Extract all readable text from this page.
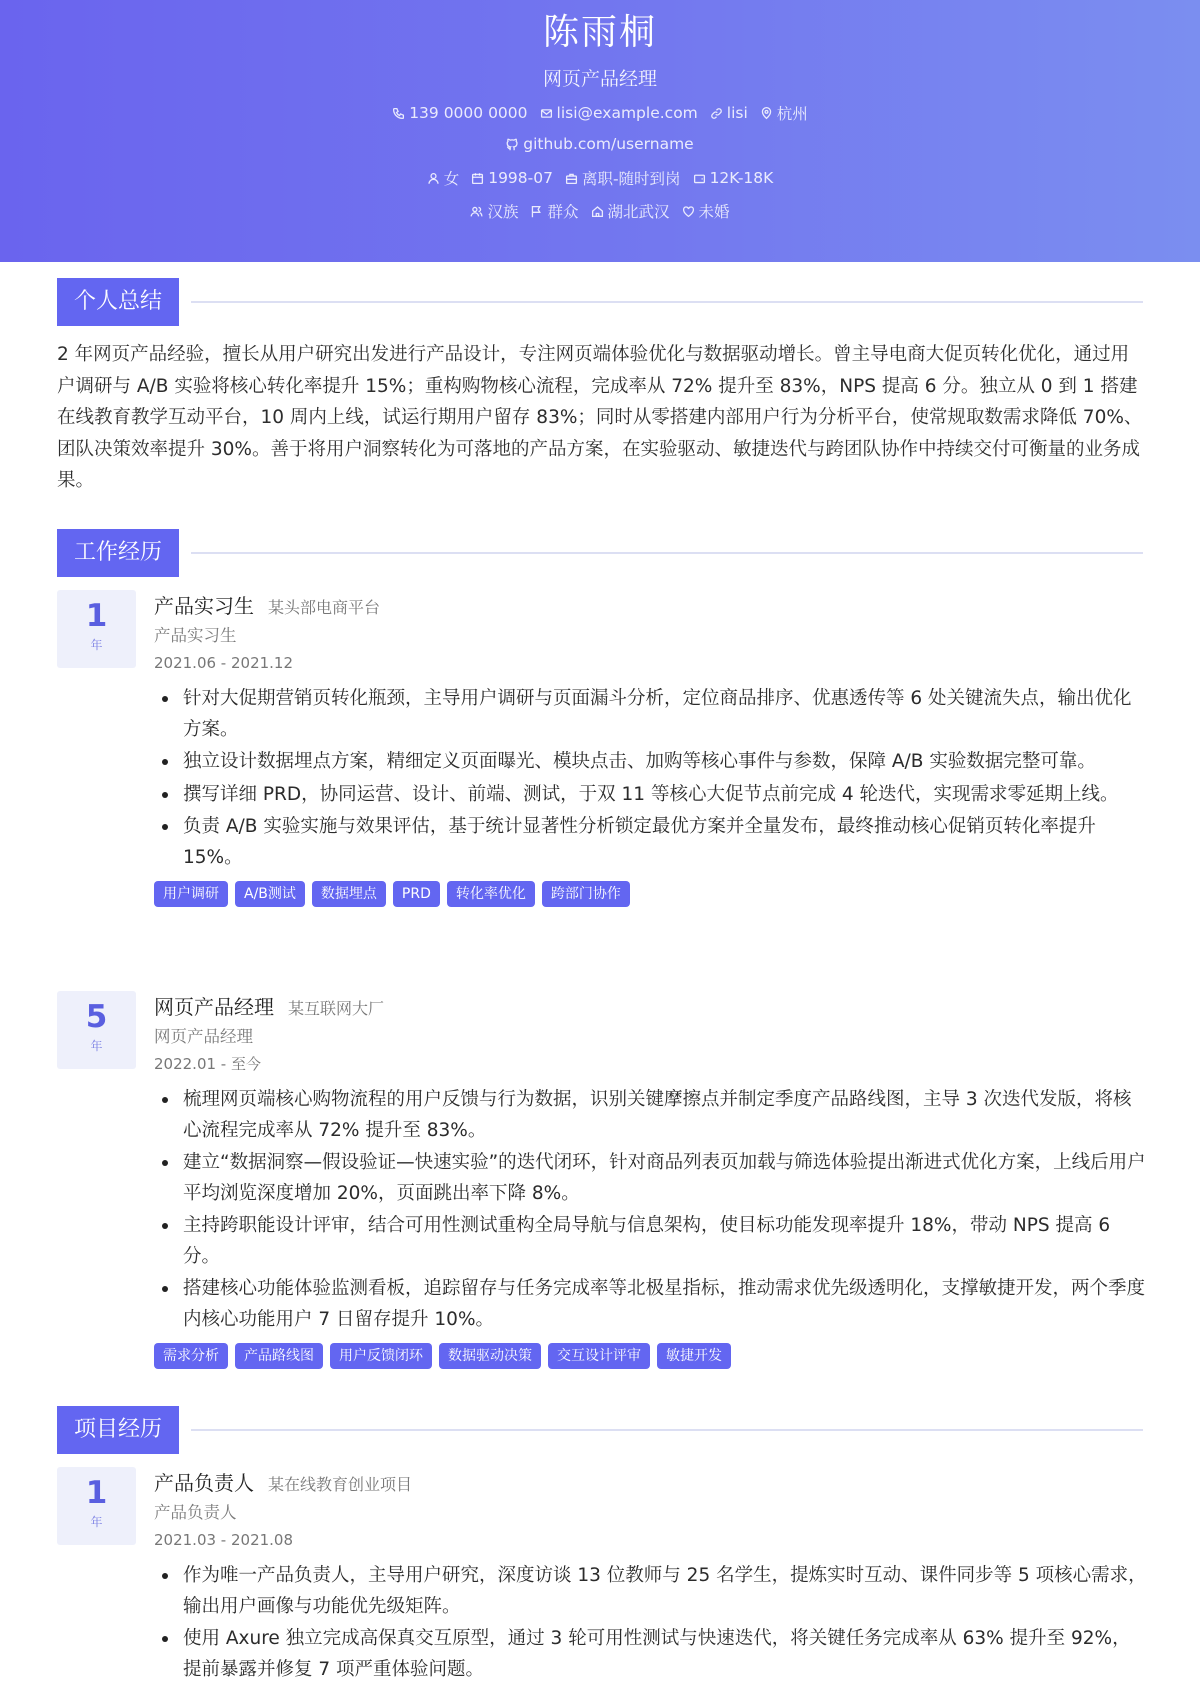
陈雨桐
网页产品经理
139 0000 0000 lisi@example.com lisi 杭州
github.com/username
女 1998-07 离职-随时到岗 12K-18K
汉族 群众 湖北武汉 未婚
个人总结
2 年网页产品经验，擅长从用户研究出发进行产品设计，专注网页端体验优化与数据驱动增长。曾主导电商大促页转化优化，通过用户调研与 A/B 实验将核心转化率提升 15%；重构购物核心流程，完成率从 72% 提升至 83%，NPS 提高 6 分。独立从 0 到 1 搭建在线教育教学互动平台，10 周内上线，试运行期用户留存 83%；同时从零搭建内部用户行为分析平台，使常规取数需求降低 70%、团队决策效率提升 30%。善于将用户洞察转化为可落地的产品方案，在实验驱动、敏捷迭代与跨团队协作中持续交付可衡量的业务成果。
工作经历
1
年
产品实习生 某头部电商平台
产品实习生
2021.06 - 2021.12
针对大促期营销页转化瓶颈，主导用户调研与页面漏斗分析，定位商品排序、优惠透传等 6 处关键流失点，输出优化方案。
独立设计数据埋点方案，精细定义页面曝光、模块点击、加购等核心事件与参数，保障 A/B 实验数据完整可靠。
撰写详细 PRD，协同运营、设计、前端、测试，于双 11 等核心大促节点前完成 4 轮迭代，实现需求零延期上线。
负责 A/B 实验实施与效果评估，基于统计显著性分析锁定最优方案并全量发布，最终推动核心促销页转化率提升 15%。
用户调研	A/B测试	数据埋点	PRD	转化率优化	跨部门协作
5
年
网页产品经理 某互联网大厂
网页产品经理
2022.01 - 至今
梳理网页端核心购物流程的用户反馈与行为数据，识别关键摩擦点并制定季度产品路线图，主导 3 次迭代发版，将核心流程完成率从 72% 提升至 83%。
建立“数据洞察—假设验证—快速实验”的迭代闭环，针对商品列表页加载与筛选体验提出渐进式优化方案，上线后用户平均浏览深度增加 20%，页面跳出率下降 8%。
主持跨职能设计评审，结合可用性测试重构全局导航与信息架构，使目标功能发现率提升 18%，带动 NPS 提高 6 分。
搭建核心功能体验监测看板，追踪留存与任务完成率等北极星指标，推动需求优先级透明化，支撑敏捷开发，两个季度内核心功能用户 7 日留存提升 10%。
需求分析	产品路线图	用户反馈闭环	数据驱动决策	交互设计评审	敏捷开发
项目经历
1
年
产品负责人 某在线教育创业项目
产品负责人
2021.03 - 2021.08
作为唯一产品负责人，主导用户研究，深度访谈 13 位教师与 25 名学生，提炼实时互动、课件同步等 5 项核心需求，输出用户画像与功能优先级矩阵。
使用 Axure 独立完成高保真交互原型，通过 3 轮可用性测试与快速迭代，将关键任务完成率从 63% 提升至 92%，提前暴露并修复 7 项严重体验问题。
